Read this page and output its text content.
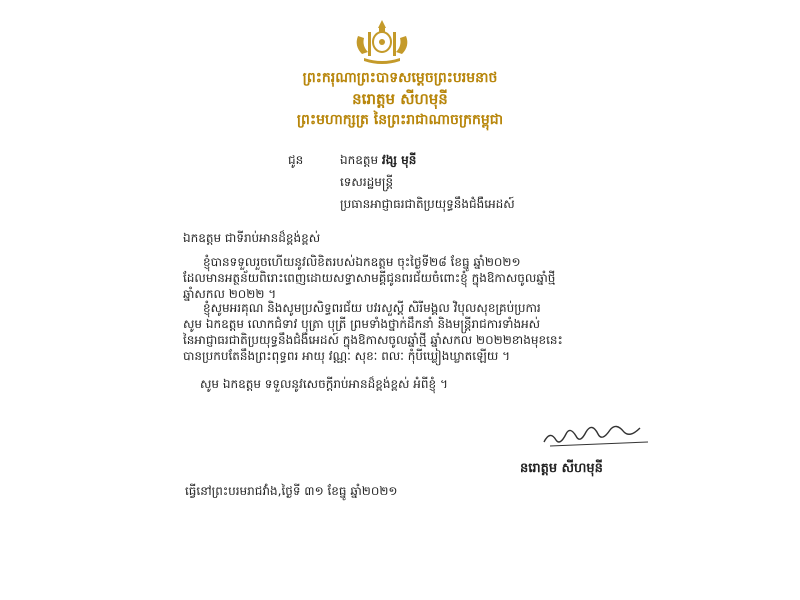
ព្រះករុណាព្រះបាទសម្តេចព្រះបរមនាថ
នរោត្តម សីហមុនី
ព្រះមហាក្សត្រ នៃព្រះរាជាណាចក្រកម្ពុជា
ជូន	ឯកឧត្តម វង្ស មុនី
ទេសរដ្ឋមន្ត្រី
ប្រធានអាជ្ញាធរជាតិប្រយុទ្ធនឹងជំងឺអេដស៍
ឯកឧត្តម ជាទីរាប់អានដ៏ខ្ពង់ខ្ពស់
ខ្ញុំបានទទួលរួចហើយនូវលិខិតរបស់ឯកឧត្តម ចុះថ្ងៃទី២៨ ខែធ្នូ ឆ្នាំ២០២១
ដែលមានអត្ថន័យពិរោះពេញដោយសទ្ធាសាមគ្គីជូនពរជ័យចំពោះខ្ញុំ ក្នុងឱកាសចូលឆ្នាំថ្មី
ឆ្នាំសកល ២០២២ ។
ខ្ញុំសូមអរគុណ និងសូមប្រសិទ្ធពរជ័យ បវរសួស្តី សិរីមង្គល វិបុលសុខគ្រប់ប្រការ
សូម ឯកឧត្តម លោកជំទាវ បុត្រា បុត្រី ព្រមទាំងថ្នាក់ដឹកនាំ និងមន្ត្រីរាជការទាំងអស់
នៃអាជ្ញាធរជាតិប្រយុទ្ធនឹងជំងឺអេដស៍ ក្នុងឱកាសចូលឆ្នាំថ្មី ឆ្នាំសកល ២០២២ខាងមុខនេះ
បានប្រកបតែនឹងព្រះពុទ្ធពរ អាយុ វណ្ណៈ សុខៈ ពលៈ កុំបីឃ្លៀងឃ្លាតឡើយ ។
សូម ឯកឧត្តម ទទួលនូវសេចក្តីរាប់អានដ៏ខ្ពង់ខ្ពស់ អំពីខ្ញុំ ។
នរោត្តម សីហមុនី
ធ្វើនៅព្រះបរមរាជវាំង,ថ្ងៃទី ៣១ ខែធ្នូ ឆ្នាំ២០២១
